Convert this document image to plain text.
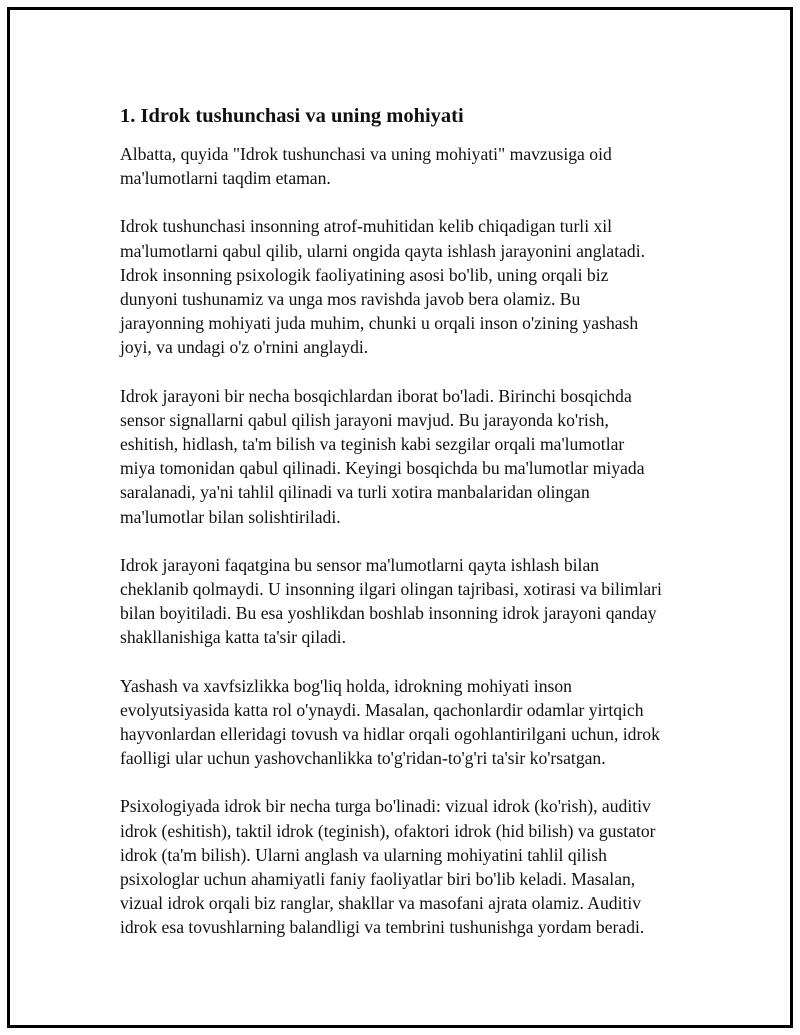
1. Idrok tushunchasi va uning mohiyati

Albatta, quyida "Idrok tushunchasi va uning mohiyati" mavzusiga oid
ma'lumotlarni taqdim etaman.

Idrok tushunchasi insonning atrof-muhitidan kelib chiqadigan turli xil
ma'lumotlarni qabul qilib, ularni ongida qayta ishlash jarayonini anglatadi.
Idrok insonning psixologik faoliyatining asosi bo'lib, uning orqali biz
dunyoni tushunamiz va unga mos ravishda javob bera olamiz. Bu
jarayonning mohiyati juda muhim, chunki u orqali inson o'zining yashash
joyi, va undagi o'z o'rnini anglaydi.

Idrok jarayoni bir necha bosqichlardan iborat bo'ladi. Birinchi bosqichda
sensor signallarni qabul qilish jarayoni mavjud. Bu jarayonda ko'rish,
eshitish, hidlash, ta'm bilish va teginish kabi sezgilar orqali ma'lumotlar
miya tomonidan qabul qilinadi. Keyingi bosqichda bu ma'lumotlar miyada
saralanadi, ya'ni tahlil qilinadi va turli xotira manbalaridan olingan
ma'lumotlar bilan solishtiriladi.

Idrok jarayoni faqatgina bu sensor ma'lumotlarni qayta ishlash bilan
cheklanib qolmaydi. U insonning ilgari olingan tajribasi, xotirasi va bilimlari
bilan boyitiladi. Bu esa yoshlikdan boshlab insonning idrok jarayoni qanday
shakllanishiga katta ta'sir qiladi.

Yashash va xavfsizlikka bog'liq holda, idrokning mohiyati inson
evolyutsiyasida katta rol o'ynaydi. Masalan, qachonlardir odamlar yirtqich
hayvonlardan elleridagi tovush va hidlar orqali ogohlantirilgani uchun, idrok
faolligi ular uchun yashovchanlikka to'g'ridan-to'g'ri ta'sir ko'rsatgan.

Psixologiyada idrok bir necha turga bo'linadi: vizual idrok (ko'rish), auditiv
idrok (eshitish), taktil idrok (teginish), ofaktori idrok (hid bilish) va gustator
idrok (ta'm bilish). Ularni anglash va ularning mohiyatini tahlil qilish
psixologlar uchun ahamiyatli faniy faoliyatlar biri bo'lib keladi. Masalan,
vizual idrok orqali biz ranglar, shakllar va masofani ajrata olamiz. Auditiv
idrok esa tovushlarning balandligi va tembrini tushunishga yordam beradi.
